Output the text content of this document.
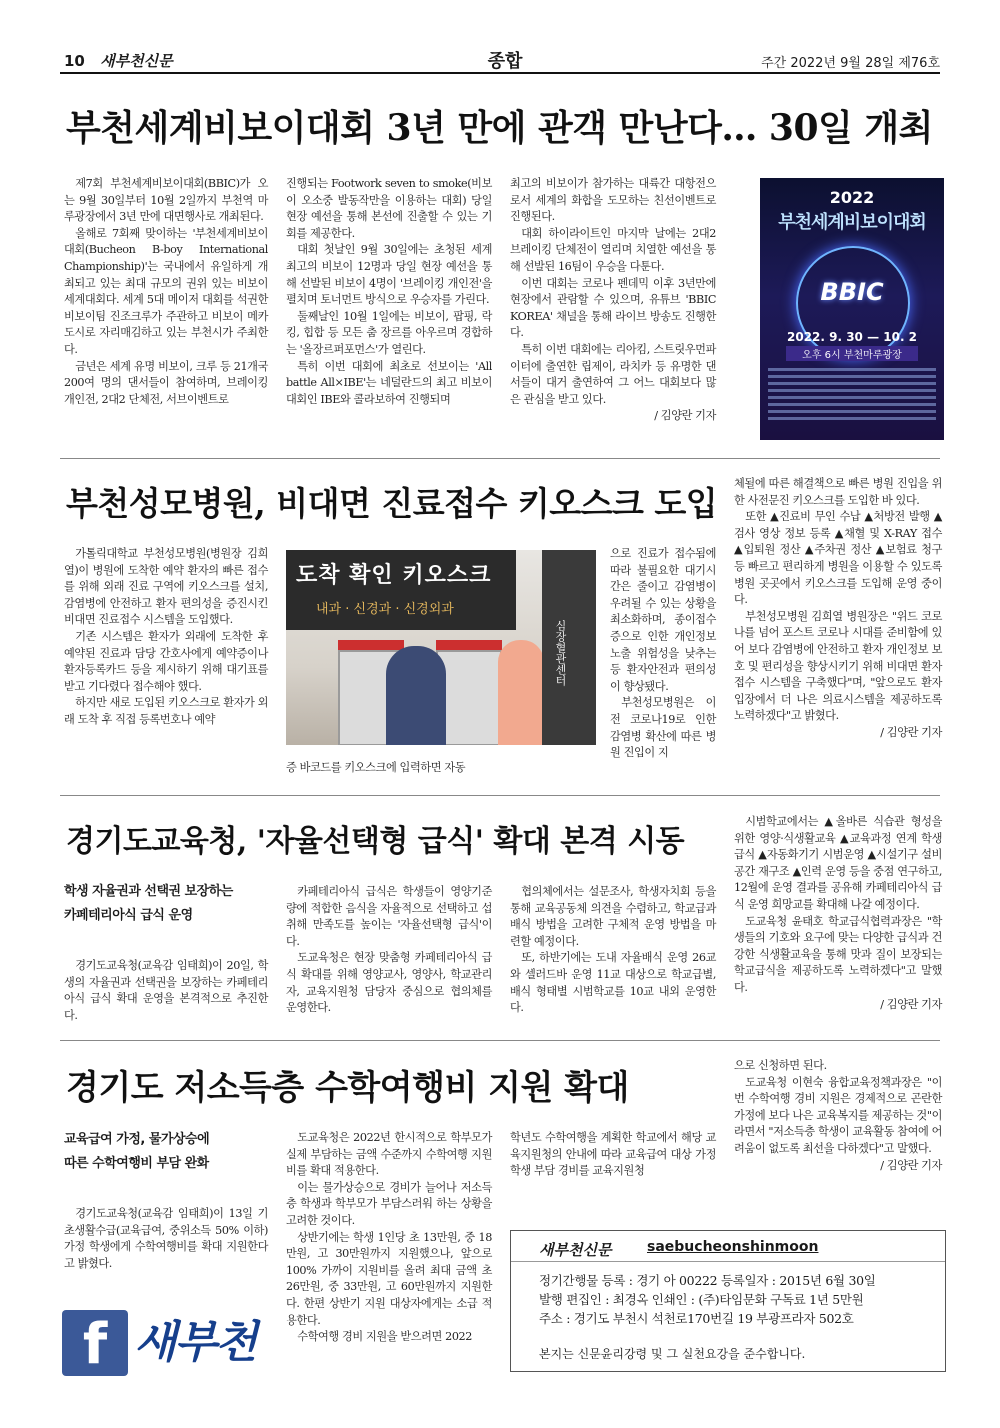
10 새부천신문	종합	주간 2022년 9월 28일 제76호
부천세계비보이대회 3년 만에 관객 만난다… 30일 개최

제7회 부천세계비보이대회(BBIC)가 오는 9월 30일부터 10월 2일까지 부천역 마루광장에서 3년 만에 대면행사로 개최된다.

올해로 7회째 맞이하는 '부천세계비보이대회(Bucheon B-boy International Championship)'는 국내에서 유일하게 개최되고 있는 최대 규모의 권위 있는 비보이 세계대회다. 세계 5대 메이저 대회를 석권한 비보이팀 진조크루가 주관하고 비보이 메카도시로 자리매김하고 있는 부천시가 주최한다.

금년은 세계 유명 비보이, 크루 등 21개국 200여 명의 댄서들이 참여하며, 브레이킹 개인전, 2대2 단체전, 서브이벤트로

진행되는 Footwork seven to smoke(비보이 오소중 발동작만을 이용하는 대회) 당일 현장 예선을 통해 본선에 진출할 수 있는 기회를 제공한다.

대회 첫날인 9월 30일에는 초청된 세계 최고의 비보이 12명과 당일 현장 예선을 통해 선발된 비보이 4명이 '브레이킹 개인전'을 펼치며 토너먼트 방식으로 우승자를 가린다.

둘째날인 10월 1일에는 비보이, 팝핑, 락킹, 힙합 등 모든 춤 장르를 아우르며 경합하는 '올장르퍼포먼스'가 열린다.

특히 이번 대회에 최초로 선보이는 'All battle All×IBE'는 네덜란드의 최고 비보이 대회인 IBE와 콜라보하여 진행되며

최고의 비보이가 참가하는 대륙간 대항전으로서 세계의 화합을 도모하는 친선이벤트로 진행된다.

대회 하이라이트인 마지막 날에는 2대2 브레이킹 단체전이 열리며 치열한 예선을 통해 선발된 16팀이 우승을 다툰다.

이번 대회는 코로나 펜데믹 이후 3년만에 현장에서 관람할 수 있으며, 유튜브 'BBIC KOREA' 채널을 통해 라이브 방송도 진행한다.

특히 이번 대회에는 리아킴, 스트릿우먼파이터에 출연한 립제이, 라치카 등 유명한 댄서들이 대거 출연하여 그 어느 대회보다 많은 관심을 받고 있다.

/ 김양란 기자
2022
부천세계비보이대회
BBIC
2022. 9. 30 — 10. 2
오후 6시 부천마루광장
부천성모병원, 비대면 진료접수 키오스크 도입

가톨릭대학교 부천성모병원(병원장 김희열)이 병원에 도착한 예약 환자의 빠른 접수를 위해 외래 진료 구역에 키오스크를 설치, 감염병에 안전하고 환자 편의성을 증진시킨 비대면 진료접수 시스템을 도입했다.

기존 시스템은 환자가 외래에 도착한 후 예약된 진료과 담당 간호사에게 예약증이나 환자등록카드 등을 제시하기 위해 대기표를 받고 기다렸다 접수해야 했다.

하지만 새로 도입된 키오스크로 환자가 외래 도착 후 직접 등록번호나 예약

도착 확인 키오스크
내과 · 신경과 · 신경외과
심장혈관센터

증 바코드를 키오스크에 입력하면 자동

으로 진료가 접수됨에 따라 불필요한 대기시간은 줄이고 감염병이 우려될 수 있는 상황을 최소화하며, 종이접수증으로 인한 개인정보 노출 위험성을 낮추는 등 환자안전과 편의성이 향상됐다.

부천성모병원은 이전 코로나19로 인한 감염병 확산에 따른 병원 진입이 지

체될에 따른 해결책으로 빠른 병원 진입을 위한 사전문진 키오스크를 도입한 바 있다.

또한 ▲진료비 무인 수납 ▲처방전 발행 ▲검사 영상 정보 등록 ▲채혈 및 X-RAY 접수 ▲입퇴원 정산 ▲주차권 정산 ▲보험료 청구 등 빠르고 편리하게 병원을 이용할 수 있도록 병원 곳곳에서 키오스크를 도입해 운영 중이다.

부천성모병원 김희열 병원장은 "위드 코로나를 넘어 포스트 코로나 시대를 준비함에 있어 보다 감염병에 안전하고 환자 개인정보 보호 및 편리성을 향상시키기 위해 비대면 환자 접수 시스템을 구축했다"며, "앞으로도 환자 입장에서 더 나은 의료시스템을 제공하도록 노력하겠다"고 밝혔다.

/ 김양란 기자
경기도교육청, '자율선택형 급식' 확대 본격 시동
학생 자율권과 선택권 보장하는
카페테리아식 급식 운영

경기도교육청(교육감 임태희)이 20일, 학생의 자율권과 선택권을 보장하는 카페테리아식 급식 확대 운영을 본격적으로 추진한다.

카페테리아식 급식은 학생들이 영양기준량에 적합한 음식을 자율적으로 선택하고 섭취해 만족도를 높이는 '자율선택형 급식'이다.

도교육청은 현장 맞춤형 카페테리아식 급식 확대를 위해 영양교사, 영양사, 학교관리자, 교육지원청 담당자 중심으로 협의체를 운영한다.

협의체에서는 설문조사, 학생자치회 등을 통해 교육공동체 의견을 수렴하고, 학교급과 배식 방법을 고려한 구체적 운영 방법을 마련할 예정이다.

또, 하반기에는 도내 자율배식 운영 26교와 셀러드바 운영 11교 대상으로 학교급별, 배식 형태별 시범학교를 10교 내외 운영한다.

시범학교에서는 ▲올바른 식습관 형성을 위한 영양·식생활교육 ▲교육과정 연계 학생급식 ▲자동화기기 시범운영 ▲시설기구 설비 공간 재구조 ▲인력 운영 등을 중점 연구하고, 12월에 운영 결과를 공유해 카페테리아식 급식 운영 희망교를 확대해 나갈 예정이다.

도교육청 윤태호 학교급식협력과장은 "학생들의 기호와 요구에 맞는 다양한 급식과 건강한 식생활교육을 통해 맛과 질이 보장되는 학교급식을 제공하도록 노력하겠다"고 말했다.

/ 김양란 기자
경기도 저소득층 수학여행비 지원 확대
교육급여 가정, 물가상승에
따른 수학여행비 부담 완화

경기도교육청(교육감 임태희)이 13일 기초생활수급(교육급여, 중위소득 50% 이하) 가정 학생에게 수학여행비를 확대 지원한다고 밝혔다.

도교육청은 2022년 한시적으로 학부모가 실제 부담하는 금액 수준까지 수학여행 지원비를 확대 적용한다.

이는 물가상승으로 경비가 늘어나 저소득층 학생과 학부모가 부담스러워 하는 상황을 고려한 것이다.

상반기에는 학생 1인당 초 13만원, 중 18만원, 고 30만원까지 지원했으나, 앞으로 100% 가까이 지원비를 올려 최대 금액 초 26만원, 중 33만원, 고 60만원까지 지원한다. 한편 상반기 지원 대상자에게는 소급 적용한다.

수학여행 경비 지원을 받으려면 2022

학년도 수학여행을 계획한 학교에서 해당 교육지원청의 안내에 따라 교육급여 대상 가정 학생 부담 경비를 교육지원청

으로 신청하면 된다.

도교육청 이현숙 융합교육정책과장은 "이번 수학여행 경비 지원은 경제적으로 곤란한 가정에 보다 나은 교육복지를 제공하는 것"이라면서 "저소득층 학생이 교육활동 참여에 어려움이 없도록 최선을 다하겠다"고 말했다.

/ 김양란 기자
f 새부천
새부천신문	saebucheonshinmoon
정기간행물 등록 : 경기 아 00222 등록일자 : 2015년 6월 30일
발행 편집인 : 최경옥 인쇄인 : (주)타임문화 구독료 1년 5만원
주소 : 경기도 부천시 석천로170번길 19 부광프라자 502호
본지는 신문윤리강령 및 그 실천요강을 준수합니다.
